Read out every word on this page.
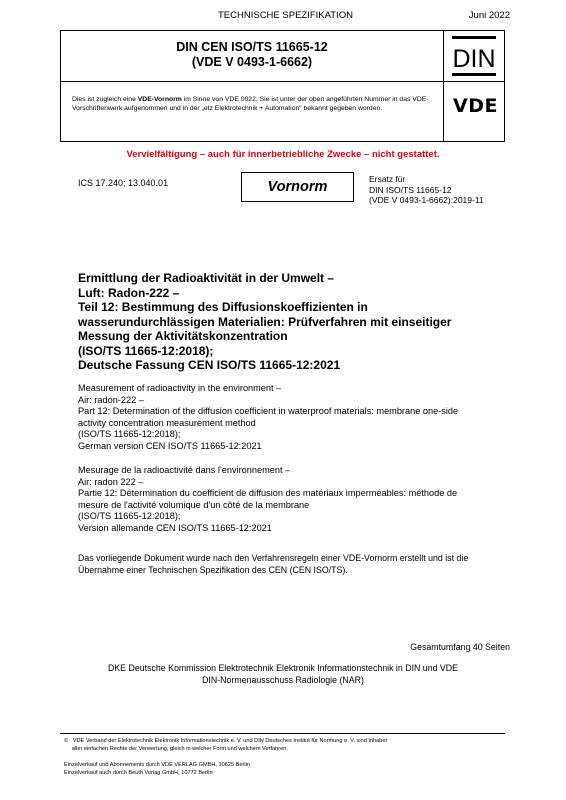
TECHNISCHE SPEZIFIKATION	Juni 2022
DIN CEN ISO/TS 11665-12
(VDE V 0493-1-6662)	DIN
Dies ist zugleich eine VDE-Vornorm im Sinne von VDE 0022. Sie ist unter der oben angeführten Nummer in das VDE-Vorschriftenwerk aufgenommen und in der „etz Elektrotechnik + Automation" bekannt gegeben worden.	VDE
Vervielfältigung – auch für innerbetriebliche Zwecke – nicht gestattet.
ICS 17.240; 13.040.01	Vornorm	Ersatz für
DIN ISO/TS 11665-12
(VDE V 0493-1-6662):2019-11
Ermittlung der Radioaktivität in der Umwelt –
Luft: Radon-222 –
Teil 12: Bestimmung des Diffusionskoeffizienten in
wasserundurchlässigen Materialien: Prüfverfahren mit einseitiger
Messung der Aktivitätskonzentration
(ISO/TS 11665-12:2018);
Deutsche Fassung CEN ISO/TS 11665-12:2021
Measurement of radioactivity in the environment –
Air: radon-222 –
Part 12: Determination of the diffusion coefficient in waterproof materials: membrane one-side
activity concentration measurement method
(ISO/TS 11665-12:2018);
German version CEN ISO/TS 11665-12:2021
Mesurage de la radioactivité dans l'environnement –
Air: radon 222 –
Partie 12: Détermination du coefficient de diffusion des matériaux imperméables: méthode de
mesure de l'activité volumique d'un côté de la membrane
(ISO/TS 11665-12:2018);
Version allemande CEN ISO/TS 11665-12:2021
Das vorliegende Dokument wurde nach den Verfahrensregeln einer VDE-Vornorm erstellt und ist die
Übernahme einer Technischen Spezifikation des CEN (CEN ISO/TS).
Gesamtumfang 40 Seiten
DKE Deutsche Kommission Elektrotechnik Elektronik Informationstechnik in DIN und VDE
DIN-Normenausschuss Radiologie (NAR)
©   VDE Verband der Elektrotechnik Elektronik Informationstechnik e. V. und DIN Deutsches Institut für Normung e. V. sind Inhaber
aller einfachen Rechte der Verwertung, gleich in welcher Form und welchem Verfahren.
Einzelverkauf und Abonnements durch VDE VERLAG GMBH, 10625 Berlin
Einzelverkauf auch durch Beuth Verlag GmbH, 10772 Berlin
